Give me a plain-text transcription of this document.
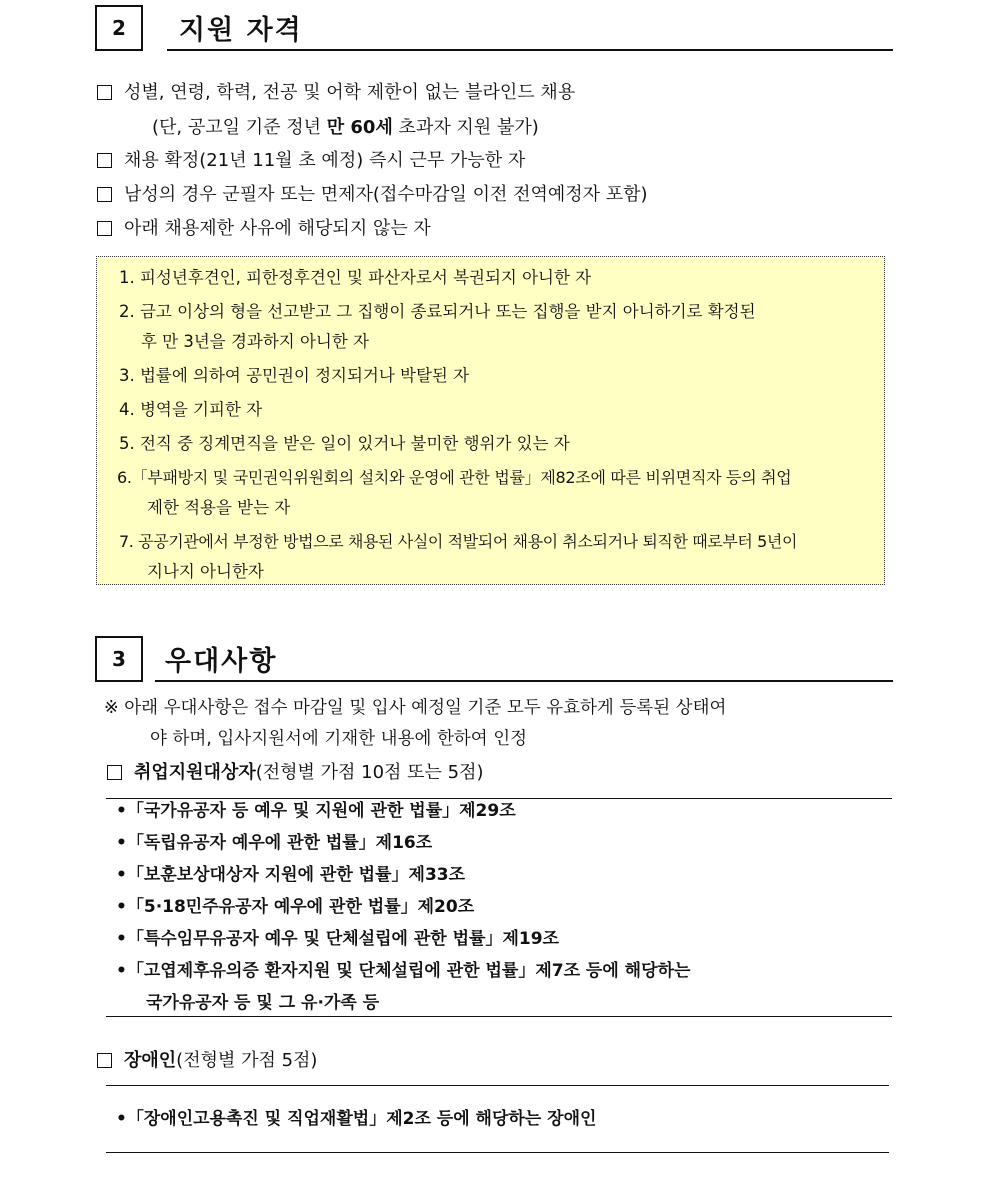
2	지원 자격
성별, 연령, 학력, 전공 및 어학 제한이 없는 블라인드 채용
(단, 공고일 기준 정년 만 60세 초과자 지원 불가)
채용 확정(21년 11월 초 예정) 즉시 근무 가능한 자
남성의 경우 군필자 또는 면제자(접수마감일 이전 전역예정자 포함)
아래 채용제한 사유에 해당되지 않는 자
1. 피성년후견인, 피한정후견인 및 파산자로서 복권되지 아니한 자
2. 금고 이상의 형을 선고받고 그 집행이 종료되거나 또는 집행을 받지 아니하기로 확정된
후 만 3년을 경과하지 아니한 자
3. 법률에 의하여 공민권이 정지되거나 박탈된 자
4. 병역을 기피한 자
5. 전직 중 징계면직을 받은 일이 있거나 불미한 행위가 있는 자
6.「부패방지 및 국민권익위원회의 설치와 운영에 관한 법률」제82조에 따른 비위면직자 등의 취업
제한 적용을 받는 자
7. 공공기관에서 부정한 방법으로 채용된 사실이 적발되어 채용이 취소되거나 퇴직한 때로부터 5년이
지나지 아니한자
3	우대사항
※ 아래 우대사항은 접수 마감일 및 입사 예정일 기준 모두 유효하게 등록된 상태여
야 하며, 입사지원서에 기재한 내용에 한하여 인정
취업지원대상자(전형별 가점 10점 또는 5점)
•「국가유공자 등 예우 및 지원에 관한 법률」제29조
•「독립유공자 예우에 관한 법률」제16조
•「보훈보상대상자 지원에 관한 법률」제33조
•「5·18민주유공자 예우에 관한 법률」제20조
•「특수임무유공자 예우 및 단체설립에 관한 법률」제19조
•「고엽제후유의증 환자지원 및 단체설립에 관한 법률」제7조 등에 해당하는
국가유공자 등 및 그 유·가족 등
장애인(전형별 가점 5점)
•「장애인고용촉진 및 직업재활법」제2조 등에 해당하는 장애인
